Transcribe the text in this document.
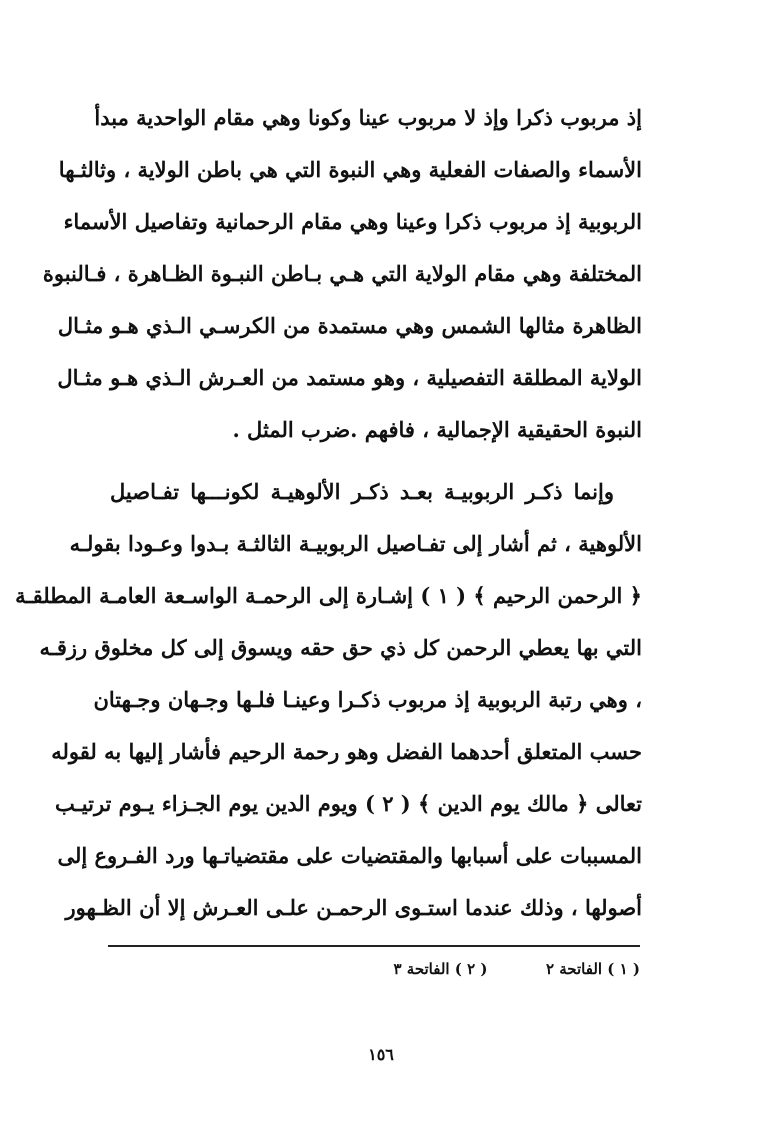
إذ مربوب ذكرا وإذ لا مربوب عينا وكونا وهي مقام الواحدية مبدأ
الأسماء والصفات الفعلية وهي النبوة التي هي باطن الولاية ، وثالثـها
الربوبية إذ مربوب ذكرا وعينا وهي مقام الرحمانية وتفاصيل الأسماء
المختلفة وهي مقام الولاية التي هـي بـاطن النبـوة الظـاهرة ، فـالنبوة
الظاهرة مثالها الشمس وهي مستمدة من الكرسـي الـذي هـو مثـال
الولاية المطلقة التفصيلية ، وهو مستمد من العـرش الـذي هـو مثـال
النبوة الحقيقية الإجمالية ، فافهم .ضرب المثل .
وإنما ذكـر الربوبيـة بعـد ذكـر الألوهيـة لكونـــها تفـاصيل
الألوهية ، ثم أشار إلى تفـاصيل الربوبيـة الثالثـة بـدوا وعـودا بقولـه
﴿ الرحمن الرحيم ﴾ ( ١ ) إشـارة إلى الرحمـة الواسـعة العامـة المطلقـة
التي بها يعطي الرحمن كل ذي حق حقه ويسوق إلى كل مخلوق رزقـه
، وهي رتبة الربوبية إذ مربوب ذكـرا وعينـا فلـها وجـهان وجـهتان
حسب المتعلق أحدهما الفضل وهو رحمة الرحيم فأشار إليها به لقوله
تعالى ﴿ مالك يوم الدين ﴾ ( ٢ ) ويوم الدين يوم الجـزاء يـوم ترتيـب
المسببات على أسبابها والمقتضيات على مقتضياتـها ورد الفـروع إلى
أصولها ، وذلك عندما استـوى الرحمـن علـى العـرش إلا أن الظـهور
( ١ ) الفاتحة ٢  ( ٢ ) الفاتحة ٣
١٥٦
